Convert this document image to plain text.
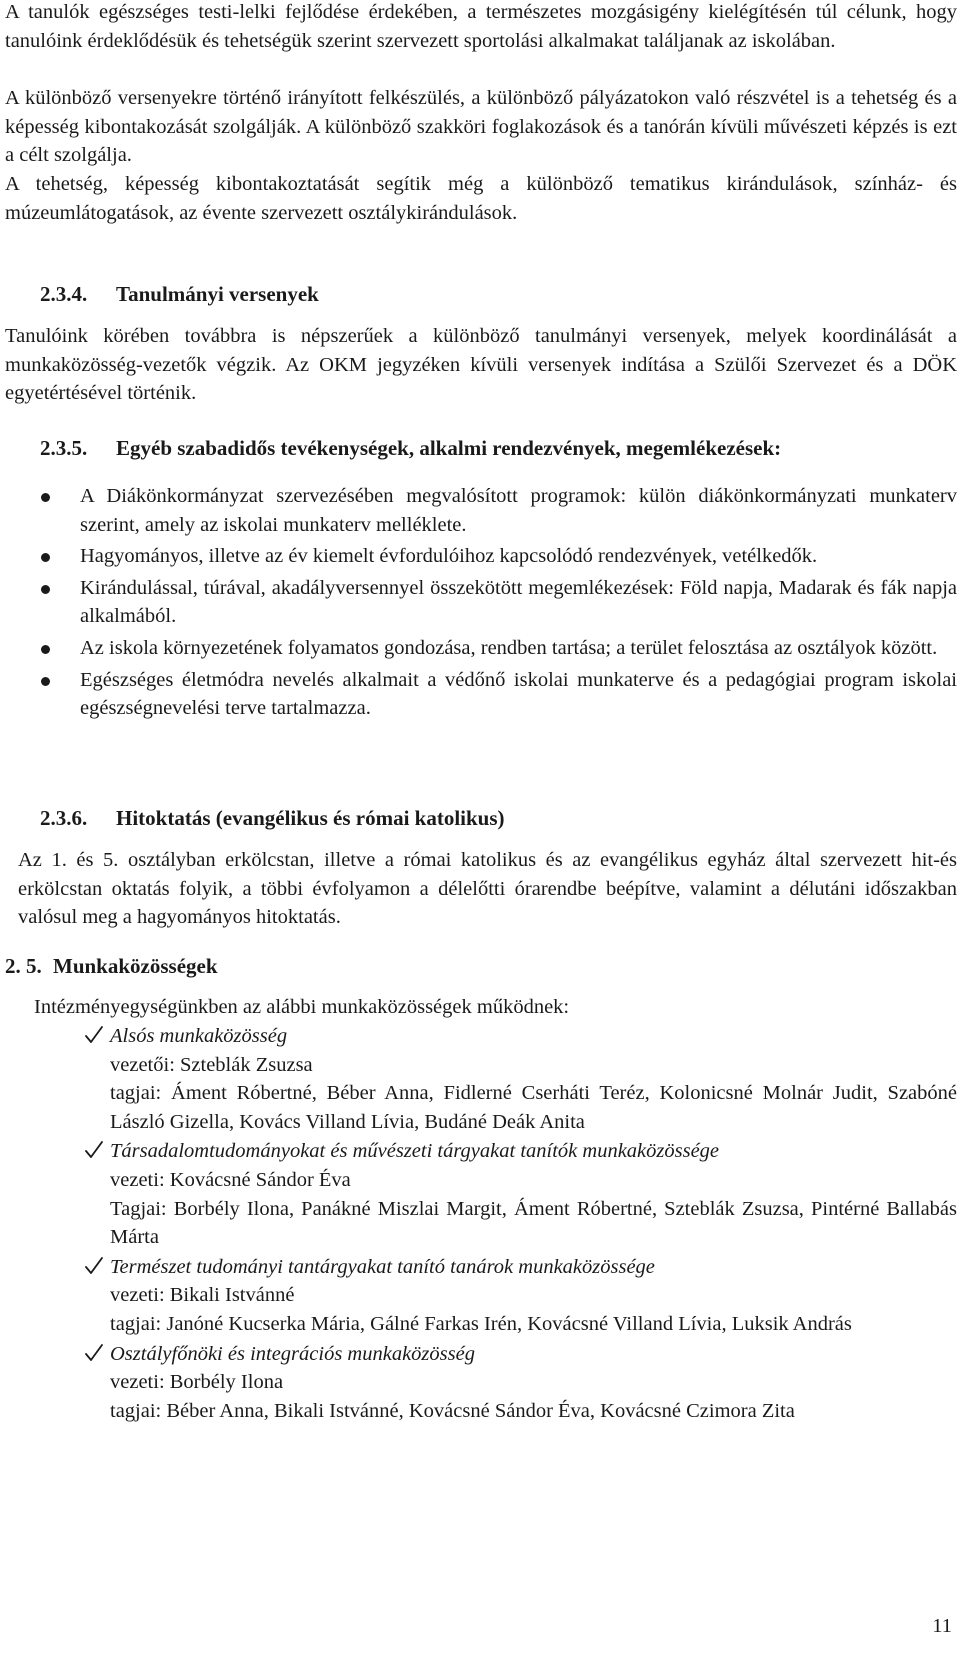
A tanulók egészséges testi-lelki fejlődése érdekében, a természetes mozgásigény kielégítésén túl célunk, hogy tanulóink érdeklődésük és tehetségük szerint szervezett sportolási alkalmakat találjanak az iskolában.

A különböző versenyekre történő irányított felkészülés, a különböző pályázatokon való részvétel is a tehetség és a képesség kibontakozását szolgálják. A különböző szakköri foglakozások és a tanórán kívüli művészeti képzés is ezt a célt szolgálja.

A tehetség, képesség kibontakoztatását segítik még a különböző tematikus kirándulások, színház- és múzeumlátogatások, az évente szervezett osztálykirándulások.

2.3.4. Tanulmányi versenyek

Tanulóink körében továbbra is népszerűek a különböző tanulmányi versenyek, melyek koordinálását a munkaközösség-vezetők végzik. Az OKM jegyzéken kívüli versenyek indítása a Szülői Szervezet és a DÖK egyetértésével történik.

2.3.5. Egyéb szabadidős tevékenységek, alkalmi rendezvények, megemlékezések:
A Diákönkormányzat szervezésében megvalósított programok: külön diákönkormányzati munkaterv szerint, amely az iskolai munkaterv melléklete.
Hagyományos, illetve az év kiemelt évfordulóihoz kapcsolódó rendezvények, vetélkedők.
Kirándulással, túrával, akadályversennyel összekötött megemlékezések: Föld napja, Madarak és fák napja alkalmából.
Az iskola környezetének folyamatos gondozása, rendben tartása; a terület felosztása az osztályok között.
Egészséges életmódra nevelés alkalmait a védőnő iskolai munkaterve és a pedagógiai program iskolai egészségnevelési terve tartalmazza.
2.3.6. Hitoktatás (evangélikus és római katolikus)

Az 1. és 5. osztályban erkölcstan, illetve a római katolikus és az evangélikus egyház által szervezett hit-és erkölcstan oktatás folyik, a többi évfolyamon a délelőtti órarendbe beépítve, valamint a délutáni időszakban valósul meg a hagyományos hitoktatás.

2. 5. Munkaközösségek

Intézményegységünkben az alábbi munkaközösségek működnek:

Alsós munkaközösség
vezetői: Szteblák Zsuzsa
tagjai: Áment Róbertné, Béber Anna, Fidlerné Cserháti Teréz, Kolonicsné Molnár Judit, Szabóné László Gizella, Kovács Villand Lívia, Budáné Deák Anita
Társadalomtudományokat és művészeti tárgyakat tanítók munkaközössége
vezeti: Kovácsné Sándor Éva
Tagjai: Borbély Ilona, Panákné Miszlai Margit, Áment Róbertné, Szteblák Zsuzsa, Pintérné Ballabás Márta
Természet tudományi tantárgyakat tanító tanárok munkaközössége
vezeti: Bikali Istvánné
tagjai: Janóné Kucserka Mária, Gálné Farkas Irén, Kovácsné Villand Lívia, Luksik András
Osztályfőnöki és integrációs munkaközösség
vezeti: Borbély Ilona
tagjai: Béber Anna, Bikali Istvánné, Kovácsné Sándor Éva, Kovácsné Czimora Zita

11
